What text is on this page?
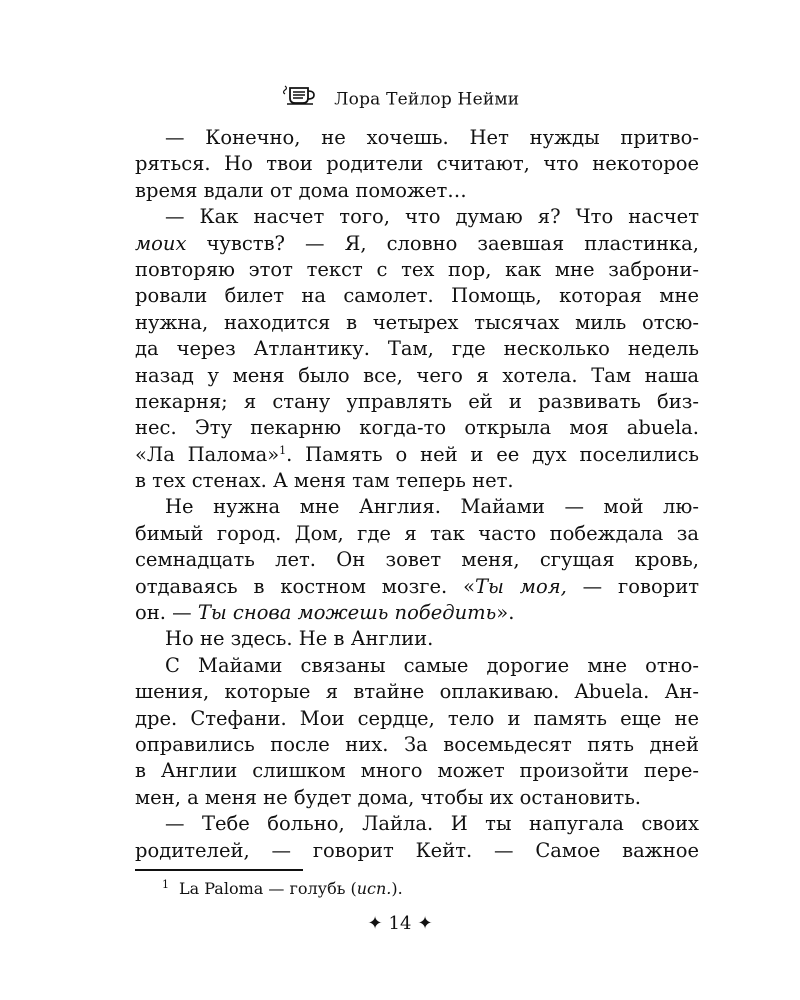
Лора Тейлор Нейми
— Конечно, не хочешь. Нет нужды притво-
ряться. Но твои родители считают, что некоторое
время вдали от дома поможет…
— Как насчет того, что думаю я? Что насчет
моих чувств? — Я, словно заевшая пластинка,
повторяю этот текст с тех пор, как мне заброни-
ровали билет на самолет. Помощь, которая мне
нужна, находится в четырех тысячах миль отсю-
да через Атлантику. Там, где несколько недель
назад у меня было все, чего я хотела. Там наша
пекарня; я стану управлять ей и развивать биз-
нес. Эту пекарню когда-то открыла моя abuela.
«Ла Палома»$^1$. Память о ней и ее дух поселились
в тех стенах. А меня там теперь нет.
Не нужна мне Англия. Майами — мой лю-
бимый город. Дом, где я так часто побеждала за
семнадцать лет. Он зовет меня, сгущая кровь,
отдаваясь в костном мозге. «Ты моя, — говорит
он. — Ты снова можешь победить».
Но не здесь. Не в Англии.
С Майами связаны самые дорогие мне отно-
шения, которые я втайне оплакиваю. Abuela. Ан-
дре. Стефани. Мои сердце, тело и память еще не
оправились после них. За восемьдесят пять дней
в Англии слишком много может произойти пере-
мен, а меня не будет дома, чтобы их остановить.
— Тебе больно, Лайла. И ты напугала своих
родителей, — говорит Кейт. — Самое важное
$^1$ La Paloma — голубь (исп.).
✦ 14 ✦
